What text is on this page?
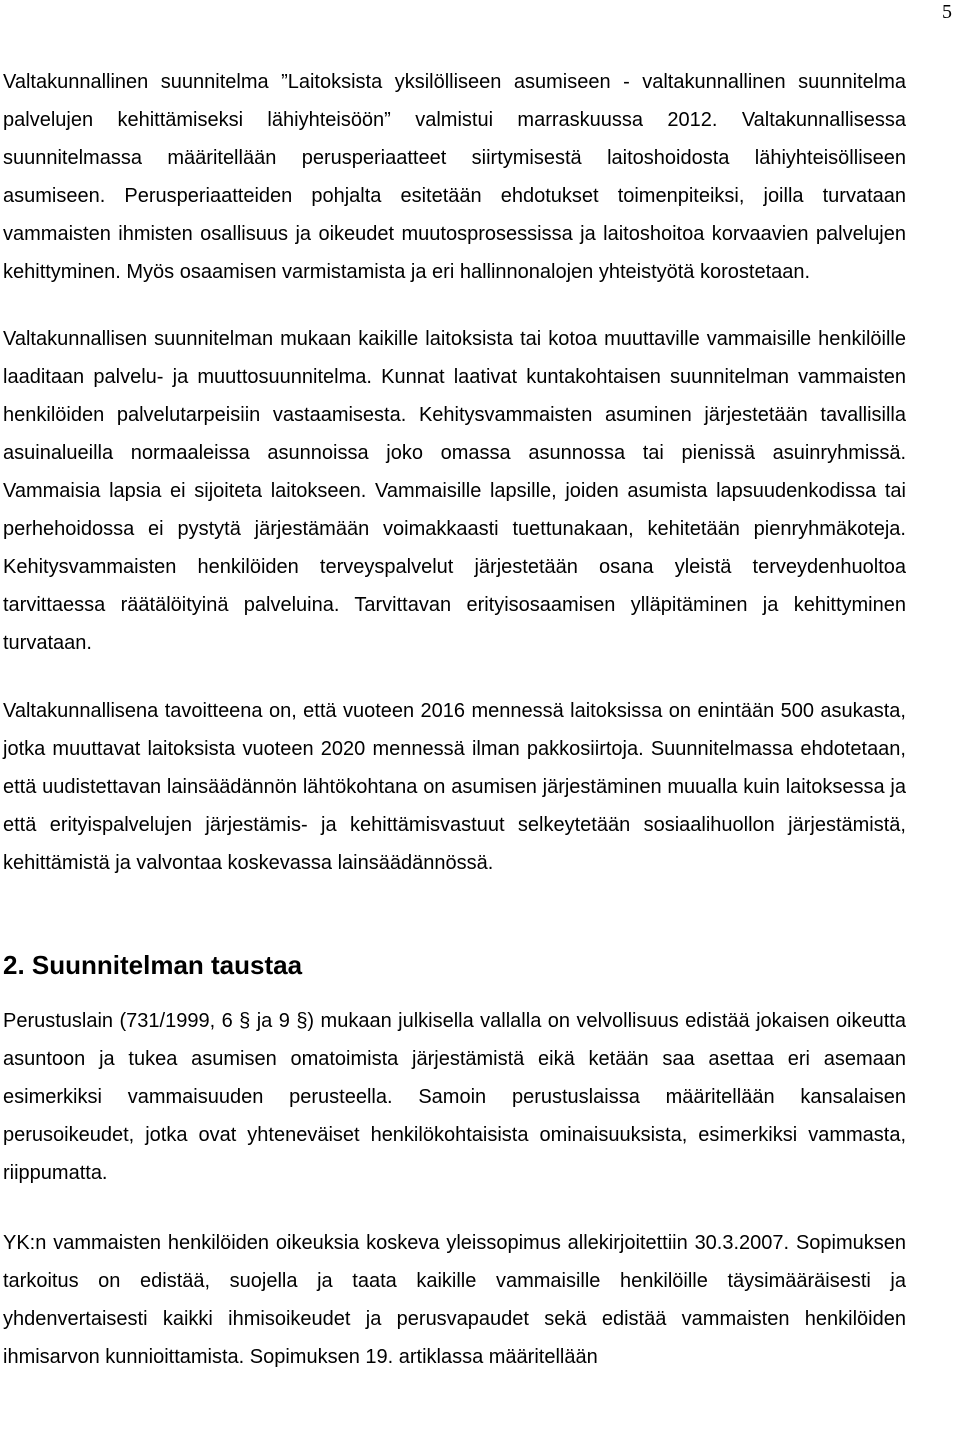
5

Valtakunnallinen suunnitelma ”Laitoksista yksilölliseen asumiseen - valtakunnallinen suunnitelma palvelujen kehittämiseksi lähiyhteisöön” valmistui marraskuussa 2012. Valtakunnallisessa suunnitelmassa määritellään perusperiaatteet siirtymisestä laitoshoidosta lähiyhteisölliseen asumiseen. Perusperiaatteiden pohjalta esitetään ehdotukset toimenpiteiksi, joilla turvataan vammaisten ihmisten osallisuus ja oikeudet muutosprosessissa ja laitoshoitoa korvaavien palvelujen kehittyminen. Myös osaamisen varmistamista ja eri hallinnonalojen yhteistyötä korostetaan.

Valtakunnallisen suunnitelman mukaan kaikille laitoksista tai kotoa muuttaville vammaisille henkilöille laaditaan palvelu- ja muuttosuunnitelma. Kunnat laativat kuntakohtaisen suunnitelman vammaisten henkilöiden palvelutarpeisiin vastaamisesta. Kehitysvammaisten asuminen järjestetään tavallisilla asuinalueilla normaaleissa asunnoissa joko omassa asunnossa tai pienissä asuinryhmissä. Vammaisia lapsia ei sijoiteta laitokseen. Vammaisille lapsille, joiden asumista lapsuudenkodissa tai perhehoidossa ei pystytä järjestämään voimakkaasti tuettunakaan, kehitetään pienryhmäkoteja. Kehitysvammaisten henkilöiden terveyspalvelut järjestetään osana yleistä terveydenhuoltoa tarvittaessa räätälöityinä palveluina. Tarvittavan erityisosaamisen ylläpitäminen ja kehittyminen turvataan.

Valtakunnallisena tavoitteena on, että vuoteen 2016 mennessä laitoksissa on enintään 500 asukasta, jotka muuttavat laitoksista vuoteen 2020 mennessä ilman pakkosiirtoja. Suunnitelmassa ehdotetaan, että uudistettavan lainsäädännön lähtökohtana on asumisen järjestäminen muualla kuin laitoksessa ja että erityispalvelujen järjestämis- ja kehittämisvastuut selkeytetään sosiaalihuollon järjestämistä, kehittämistä ja valvontaa koskevassa lainsäädännössä.

2. Suunnitelman taustaa

Perustuslain (731/1999, 6 § ja 9 §) mukaan julkisella vallalla on velvollisuus edistää jokaisen oikeutta asuntoon ja tukea asumisen omatoimista järjestämistä eikä ketään saa asettaa eri asemaan esimerkiksi vammaisuuden perusteella. Samoin perustuslaissa määritellään kansalaisen perusoikeudet, jotka ovat yhteneväiset henkilökohtaisista ominaisuuksista, esimerkiksi vammasta, riippumatta.

YK:n vammaisten henkilöiden oikeuksia koskeva yleissopimus allekirjoitettiin 30.3.2007. Sopimuksen tarkoitus on edistää, suojella ja taata kaikille vammaisille henkilöille täysimääräisesti ja yhdenvertaisesti kaikki ihmisoikeudet ja perusvapaudet sekä edistää vammaisten henkilöiden ihmisarvon kunnioittamista. Sopimuksen 19. artiklassa määritellään
